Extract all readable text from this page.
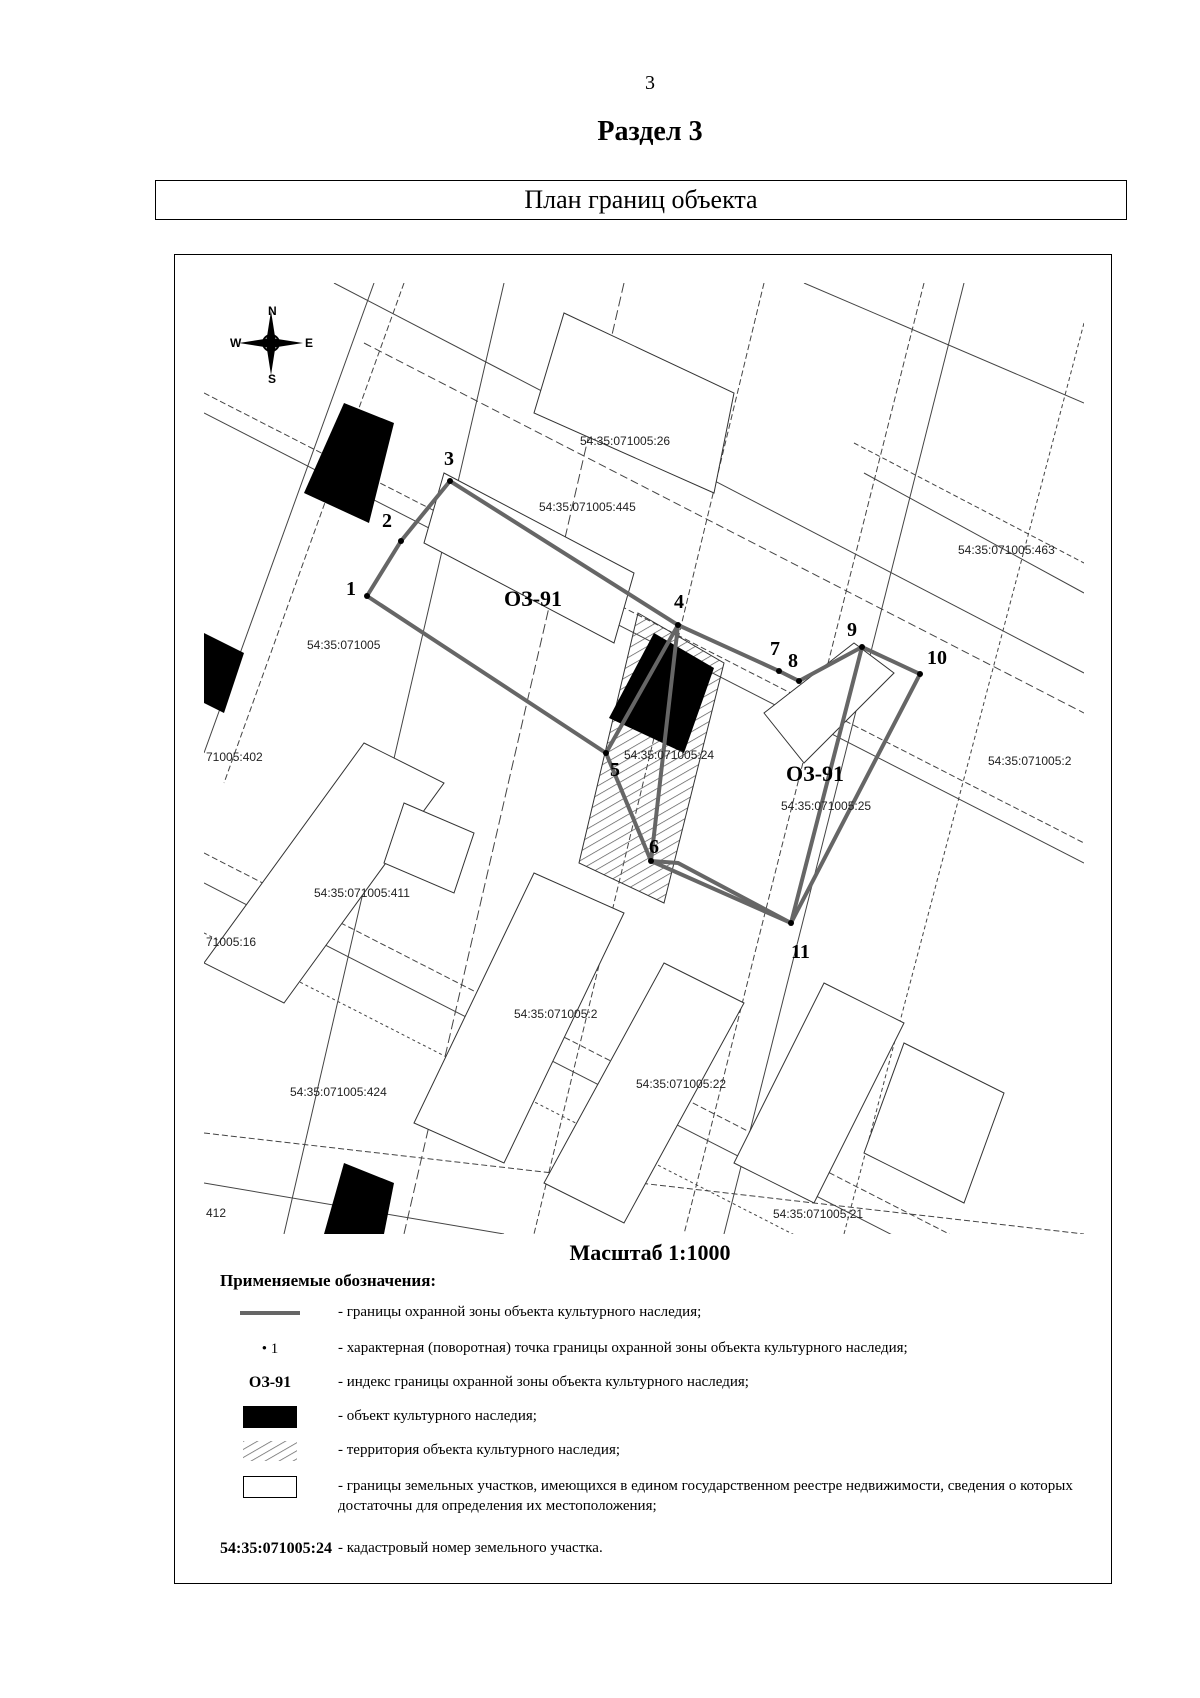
3
Раздел 3
План границ объекта
N
S
W	E
1
2
3
4
5
6
7
8
9
10
11
ОЗ-91
ОЗ-91
54:35:071005:26
54:35:071005:445
54:35:071005:463
54:35:071005
54:35:071005:24
54:35:071005:25
54:35:071005:2
54:35:071005:411
71005:16
54:35:071005:424
54:35:071005:2
54:35:071005:22
54:35:071005:21
71005:402
412
Масштаб 1:1000
Применяемые обозначения:
- границы охранной зоны объекта культурного наследия;
• 1	- характерная (поворотная) точка границы охранной зоны объекта культурного наследия;
ОЗ-91	- индекс границы охранной зоны объекта культурного наследия;
- объект культурного наследия;
- территория объекта культурного наследия;
- границы земельных участков, имеющихся в едином государственном реестре недвижимости, сведения о которых достаточны для определения их местоположения;
54:35:071005:24 - кадастровый номер земельного участка.
